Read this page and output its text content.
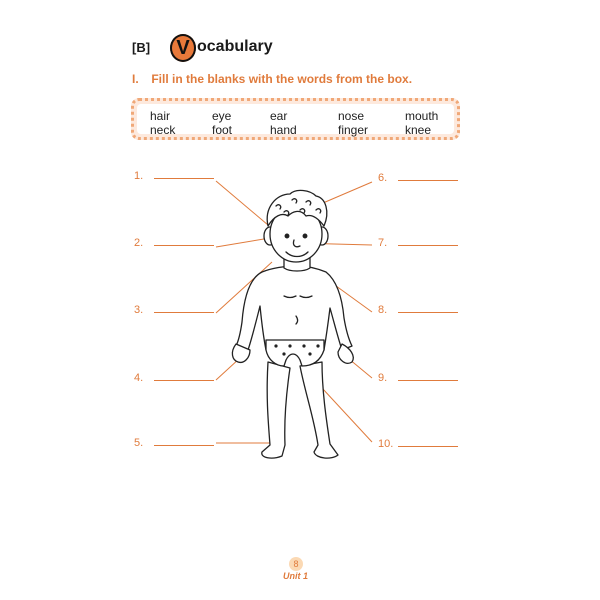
[B]	V ocabulary
I. Fill in the blanks with the words from the box.
hair	eye	ear	nose	mouth
neck	foot	hand	finger	knee
1.
2.
3.
4.
5.
6.
7.
8.
9.
10.
8
Unit 1
